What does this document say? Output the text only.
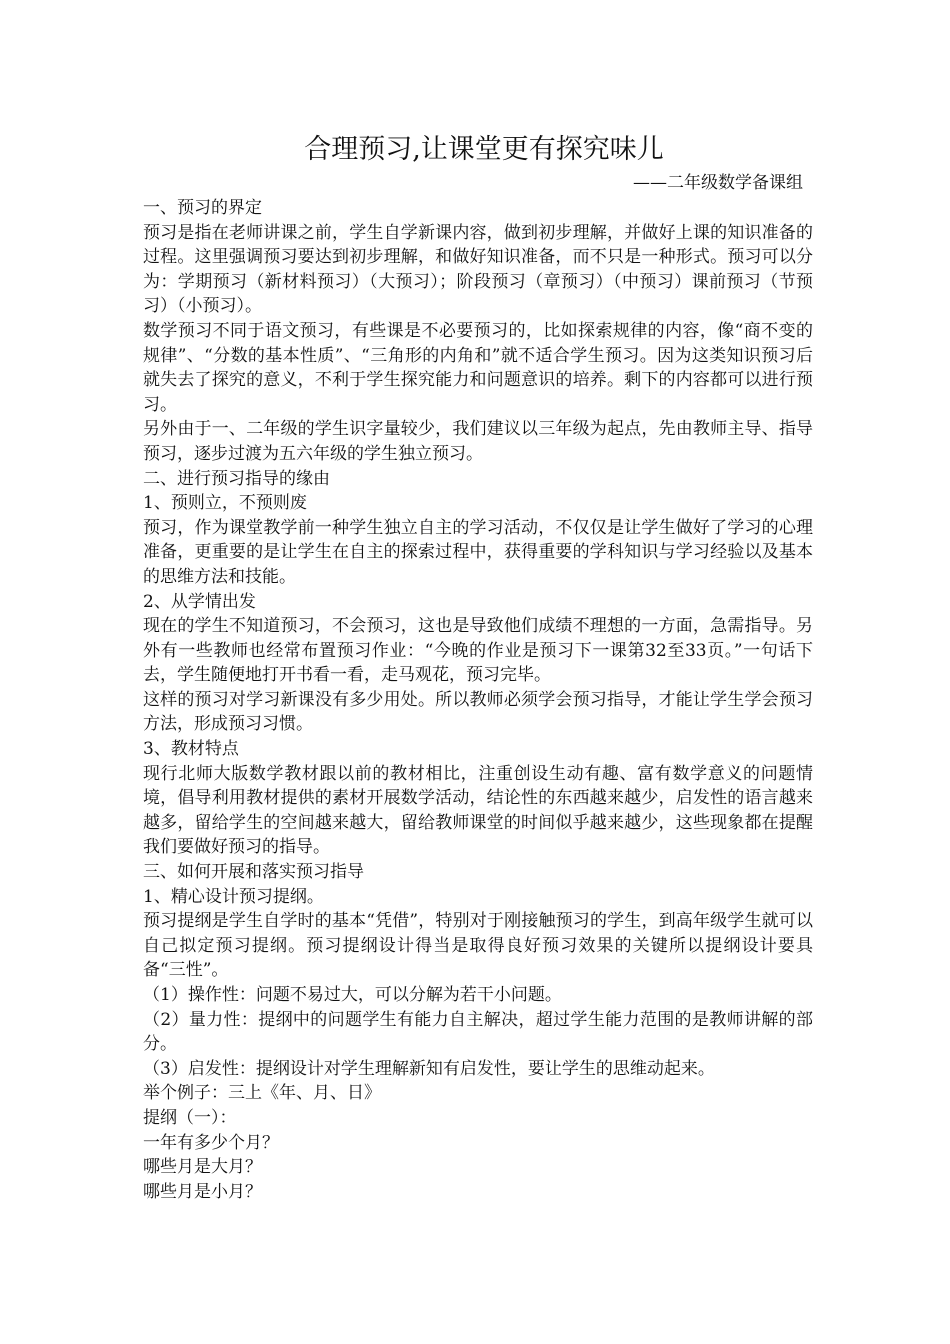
合理预习,让课堂更有探究味儿

——二年级数学备课组

一、预习的界定

预习是指在老师讲课之前，学生自学新课内容，做到初步理解，并做好上课的知识准备的过程。这里强调预习要达到初步理解，和做好知识准备，而不只是一种形式。预习可以分为：学期预习（新材料预习）（大预习）；阶段预习（章预习）（中预习）课前预习（节预习）（小预习）。

数学预习不同于语文预习，有些课是不必要预习的，比如探索规律的内容，像“商不变的规律”、“分数的基本性质”、“三角形的内角和”就不适合学生预习。因为这类知识预习后就失去了探究的意义，不利于学生探究能力和问题意识的培养。剩下的内容都可以进行预习。

另外由于一、二年级的学生识字量较少，我们建议以三年级为起点，先由教师主导、指导预习，逐步过渡为五六年级的学生独立预习。

二、进行预习指导的缘由

1、预则立，不预则废

预习，作为课堂教学前一种学生独立自主的学习活动，不仅仅是让学生做好了学习的心理准备，更重要的是让学生在自主的探索过程中，获得重要的学科知识与学习经验以及基本的思维方法和技能。

2、从学情出发

现在的学生不知道预习，不会预习，这也是导致他们成绩不理想的一方面，急需指导。另外有一些教师也经常布置预习作业：“今晚的作业是预习下一课第32至33页。”一句话下去，学生随便地打开书看一看，走马观花，预习完毕。

这样的预习对学习新课没有多少用处。所以教师必须学会预习指导，才能让学生学会预习方法，形成预习习惯。

3、教材特点

现行北师大版数学教材跟以前的教材相比，注重创设生动有趣、富有数学意义的问题情境，倡导利用教材提供的素材开展数学活动，结论性的东西越来越少，启发性的语言越来越多，留给学生的空间越来越大，留给教师课堂的时间似乎越来越少，这些现象都在提醒我们要做好预习的指导。

三、如何开展和落实预习指导

1、精心设计预习提纲。

预习提纲是学生自学时的基本“凭借”，特别对于刚接触预习的学生，到高年级学生就可以自己拟定预习提纲。预习提纲设计得当是取得良好预习效果的关键所以提纲设计要具备“三性”。

（1）操作性：问题不易过大，可以分解为若干小问题。

（2）量力性：提纲中的问题学生有能力自主解决，超过学生能力范围的是教师讲解的部分。

（3）启发性：提纲设计对学生理解新知有启发性，要让学生的思维动起来。

举个例子：三上《年、月、日》

提纲（一）：

一年有多少个月？

哪些月是大月？

哪些月是小月？
